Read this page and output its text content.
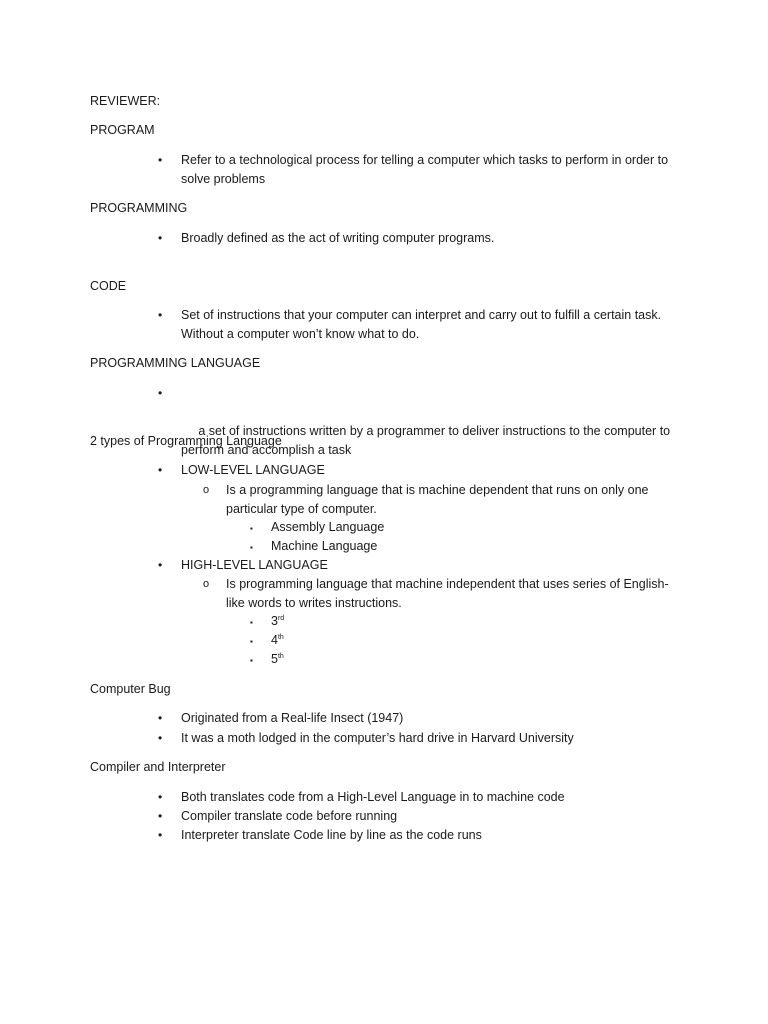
REVIEWER:
PROGRAM
• Refer to a technological process for telling a computer which tasks to perform in order to solve problems
PROGRAMMING
• Broadly defined as the act of writing computer programs.
CODE
• Set of instructions that your computer can interpret and carry out to fulfill a certain task. Without a computer won’t know what to do.
PROGRAMMING LANGUAGE

•

a set of instructions written by a programmer to deliver instructions to the computer to perform and accomplish a task

2 types of Programming Language
• LOW-LEVEL LANGUAGE
o Is a programming language that is machine dependent that runs on only one particular type of computer.
▪ Assembly Language
▪ Machine Language
• HIGH-LEVEL LANGUAGE
o Is programming language that machine independent that uses series of English-like words to writes instructions.
▪ 3rd
▪ 4th
▪ 5th
Computer Bug
• Originated from a Real-life Insect (1947)
• It was a moth lodged in the computer’s hard drive in Harvard University
Compiler and Interpreter
• Both translates code from a High-Level Language in to machine code
• Compiler translate code before running
• Interpreter translate Code line by line as the code runs
